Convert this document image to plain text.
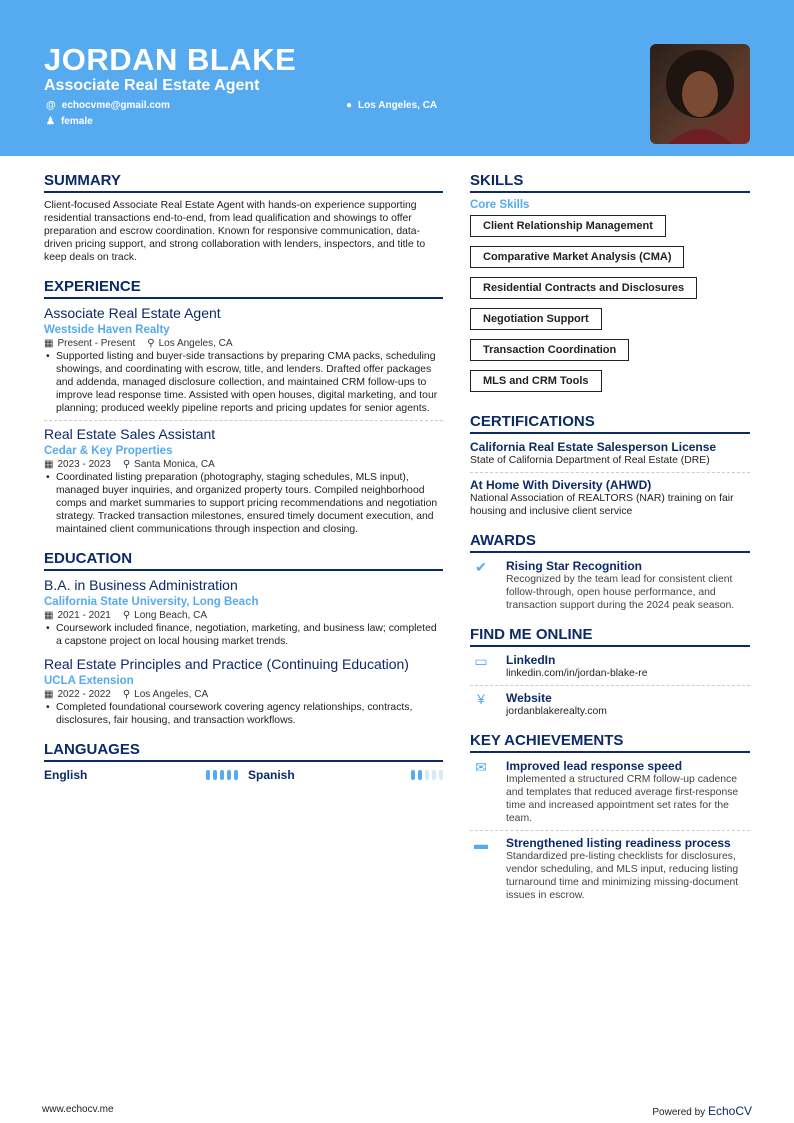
JORDAN BLAKE
Associate Real Estate Agent
@ echocvme@gmail.com	● Los Angeles, CA
♟ female
SUMMARY
Client-focused Associate Real Estate Agent with hands-on experience supporting residential transactions end-to-end, from lead qualification and showings to offer preparation and escrow coordination. Known for responsive communication, data-driven pricing support, and strong collaboration with lenders, inspectors, and title to keep deals on track.
EXPERIENCE
Associate Real Estate Agent
Westside Haven Realty
▦ Present - Present ⚲ Los Angeles, CA
• Supported listing and buyer-side transactions by preparing CMA packs, scheduling showings, and coordinating with escrow, title, and lenders. Drafted offer packages and addenda, managed disclosure collection, and maintained CRM follow-ups to improve lead response time. Assisted with open houses, digital marketing, and tour planning; produced weekly pipeline reports and pricing updates for senior agents.
Real Estate Sales Assistant
Cedar & Key Properties
▦ 2023 - 2023 ⚲ Santa Monica, CA
• Coordinated listing preparation (photography, staging schedules, MLS input), managed buyer inquiries, and organized property tours. Compiled neighborhood comps and market summaries to support pricing recommendations and negotiation strategy. Tracked transaction milestones, ensured timely document execution, and maintained client communications through inspection and closing.
EDUCATION
B.A. in Business Administration
California State University, Long Beach
▦ 2021 - 2021 ⚲ Long Beach, CA
• Coursework included finance, negotiation, marketing, and business law; completed a capstone project on local housing market trends.
Real Estate Principles and Practice (Continuing Education)
UCLA Extension
▦ 2022 - 2022 ⚲ Los Angeles, CA
• Completed foundational coursework covering agency relationships, contracts, disclosures, fair housing, and transaction workflows.
LANGUAGES
English	Spanish
SKILLS
Core Skills
Client Relationship Management
Comparative Market Analysis (CMA)
Residential Contracts and Disclosures
Negotiation Support
Transaction Coordination
MLS and CRM Tools
CERTIFICATIONS
California Real Estate Salesperson License
State of California Department of Real Estate (DRE)
At Home With Diversity (AHWD)
National Association of REALTORS (NAR) training on fair housing and inclusive client service
AWARDS
✔	Rising Star Recognition
Recognized by the team lead for consistent client follow-through, open house performance, and transaction support during the 2024 peak season.
FIND ME ONLINE
▭	LinkedIn
linkedin.com/in/jordan-blake-re
¥	Website
jordanblakerealty.com
KEY ACHIEVEMENTS
✉	Improved lead response speed
Implemented a structured CRM follow-up cadence and templates that reduced average first-response time and increased appointment set rates for the team.
▬	Strengthened listing readiness process
Standardized pre-listing checklists for disclosures, vendor scheduling, and MLS input, reducing listing turnaround time and minimizing missing-document issues in escrow.
www.echocv.me	Powered by EchoCV
